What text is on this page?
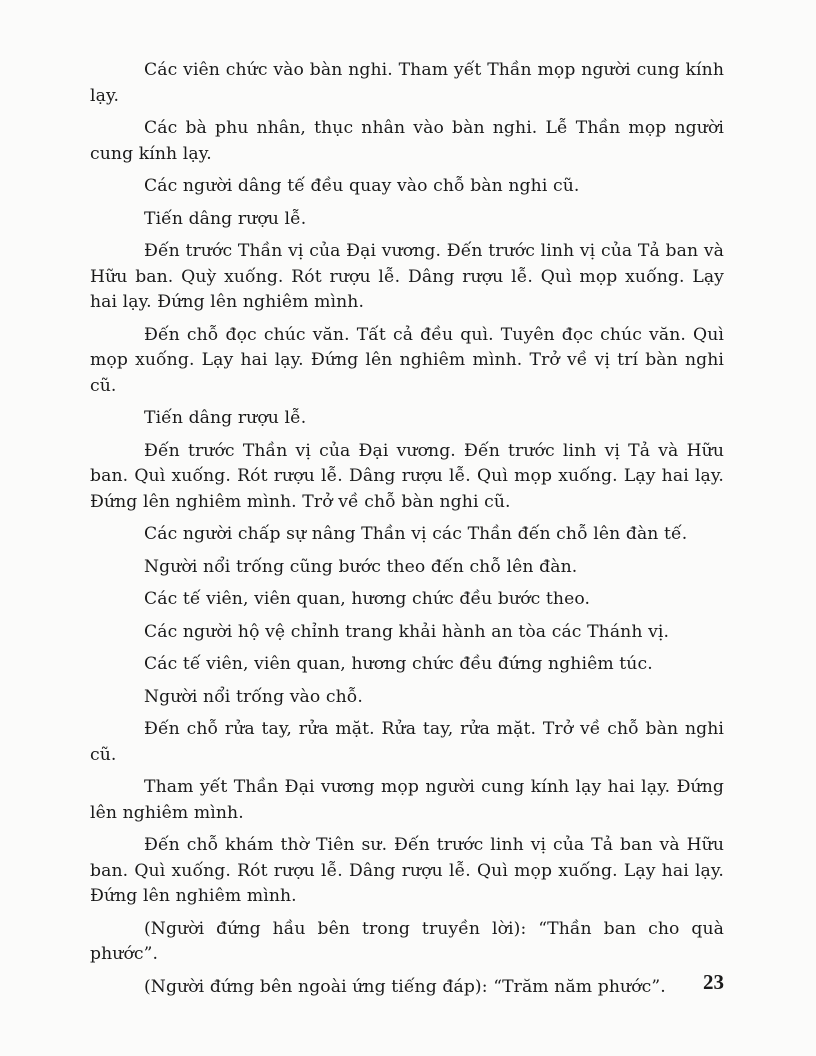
Các viên chức vào bàn nghi. Tham yết Thần mọp người cung kính lạy.

Các bà phu nhân, thục nhân vào bàn nghi. Lễ Thần mọp người cung kính lạy.

Các người dâng tế đều quay vào chỗ bàn nghi cũ.

Tiến dâng rượu lễ.

Đến trước Thần vị của Đại vương. Đến trước linh vị của Tả ban và Hữu ban. Quỳ xuống. Rót rượu lễ. Dâng rượu lễ. Quì mọp xuống. Lạy hai lạy. Đứng lên nghiêm mình.

Đến chỗ đọc chúc văn. Tất cả đều quì. Tuyên đọc chúc văn. Quì mọp xuống. Lạy hai lạy. Đứng lên nghiêm mình. Trở về vị trí bàn nghi cũ.

Tiến dâng rượu lễ.

Đến trước Thần vị của Đại vương. Đến trước linh vị Tả và Hữu ban. Quì xuống. Rót rượu lễ. Dâng rượu lễ. Quì mọp xuống. Lạy hai lạy. Đứng lên nghiêm mình. Trở về chỗ bàn nghi cũ.

Các người chấp sự nâng Thần vị các Thần đến chỗ lên đàn tế.

Người nổi trống cũng bước theo đến chỗ lên đàn.

Các tế viên, viên quan, hương chức đều bước theo.

Các người hộ vệ chỉnh trang khải hành an tòa các Thánh vị.

Các tế viên, viên quan, hương chức đều đứng nghiêm túc.

Người nổi trống vào chỗ.

Đến chỗ rửa tay, rửa mặt. Rửa tay, rửa mặt. Trở về chỗ bàn nghi cũ.

Tham yết Thần Đại vương mọp người cung kính lạy hai lạy. Đứng lên nghiêm mình.

Đến chỗ khám thờ Tiên sư. Đến trước linh vị của Tả ban và Hữu ban. Quì xuống. Rót rượu lễ. Dâng rượu lễ. Quì mọp xuống. Lạy hai lạy. Đứng lên nghiêm mình.

(Người đứng hầu bên trong truyền lời): “Thần ban cho quà phước”.

(Người đứng bên ngoài ứng tiếng đáp): “Trăm năm phước”.	23
